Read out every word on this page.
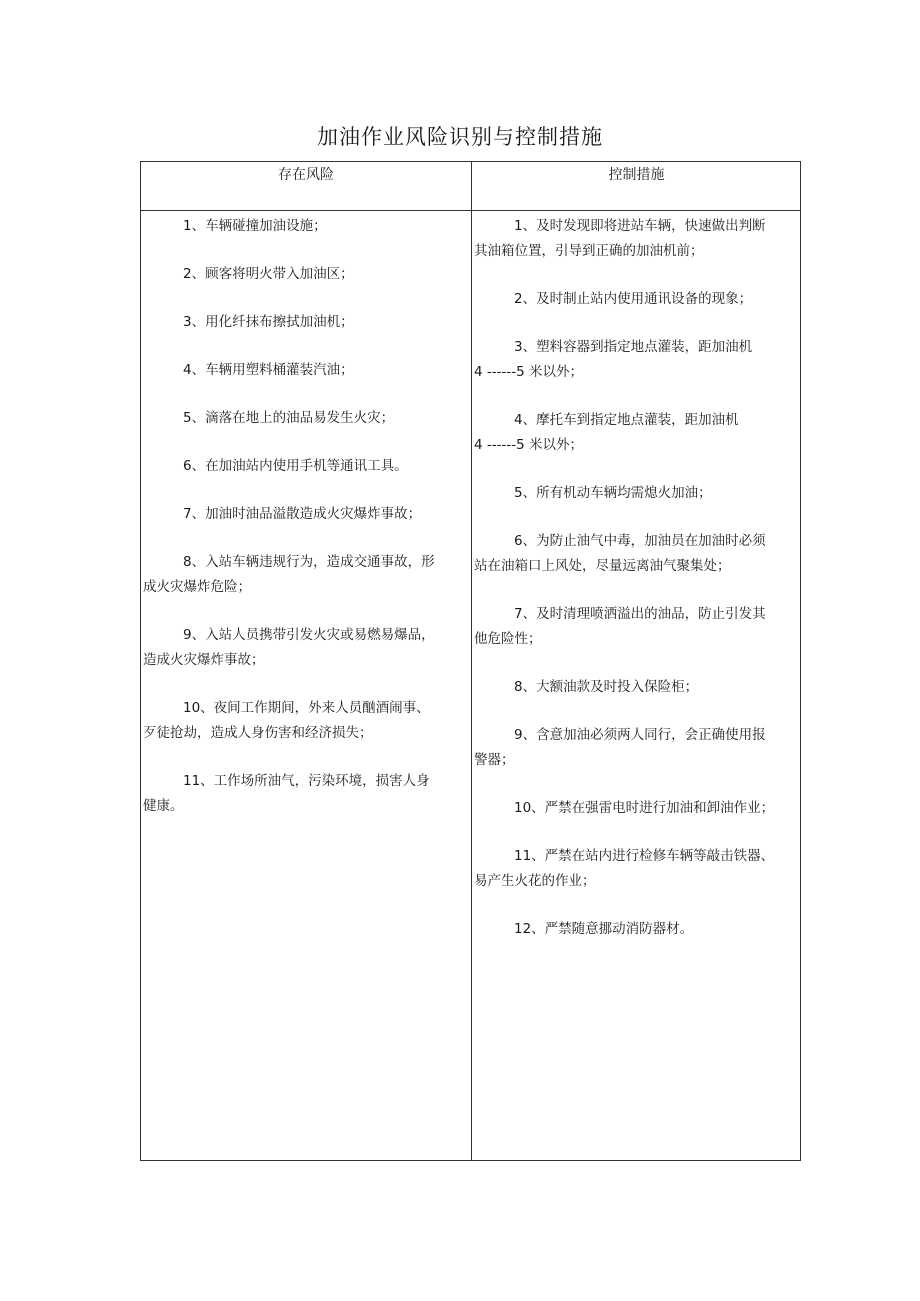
加油作业风险识别与控制措施
存在风险	控制措施
1、车辆碰撞加油设施；
2、顾客将明火带入加油区；
3、用化纤抹布擦拭加油机；
4、车辆用塑料桶灌装汽油；
5、滴落在地上的油品易发生火灾；
6、在加油站内使用手机等通讯工具。
7、加油时油品溢散造成火灾爆炸事故；
8、入站车辆违规行为，造成交通事故，形
成火灾爆炸危险；
9、入站人员携带引发火灾或易燃易爆品，
造成火灾爆炸事故；
10、夜间工作期间，外来人员酗酒闹事、
歹徒抢劫，造成人身伤害和经济损失；
11、工作场所油气，污染环境，损害人身
健康。
1、及时发现即将进站车辆，快速做出判断
其油箱位置，引导到正确的加油机前；
2、及时制止站内使用通讯设备的现象；
3、塑料容器到指定地点灌装，距加油机
4 ------5 米以外；
4、摩托车到指定地点灌装，距加油机
4 ------5 米以外；
5、所有机动车辆均需熄火加油；
6、为防止油气中毒，加油员在加油时必须
站在油箱口上风处，尽量远离油气聚集处；
7、及时清理喷洒溢出的油品，防止引发其
他危险性；
8、大额油款及时投入保险柜；
9、含意加油必须两人同行，会正确使用报
警器；
10、严禁在强雷电时进行加油和卸油作业；
11、严禁在站内进行检修车辆等敲击铁器、
易产生火花的作业；
12、严禁随意挪动消防器材。
